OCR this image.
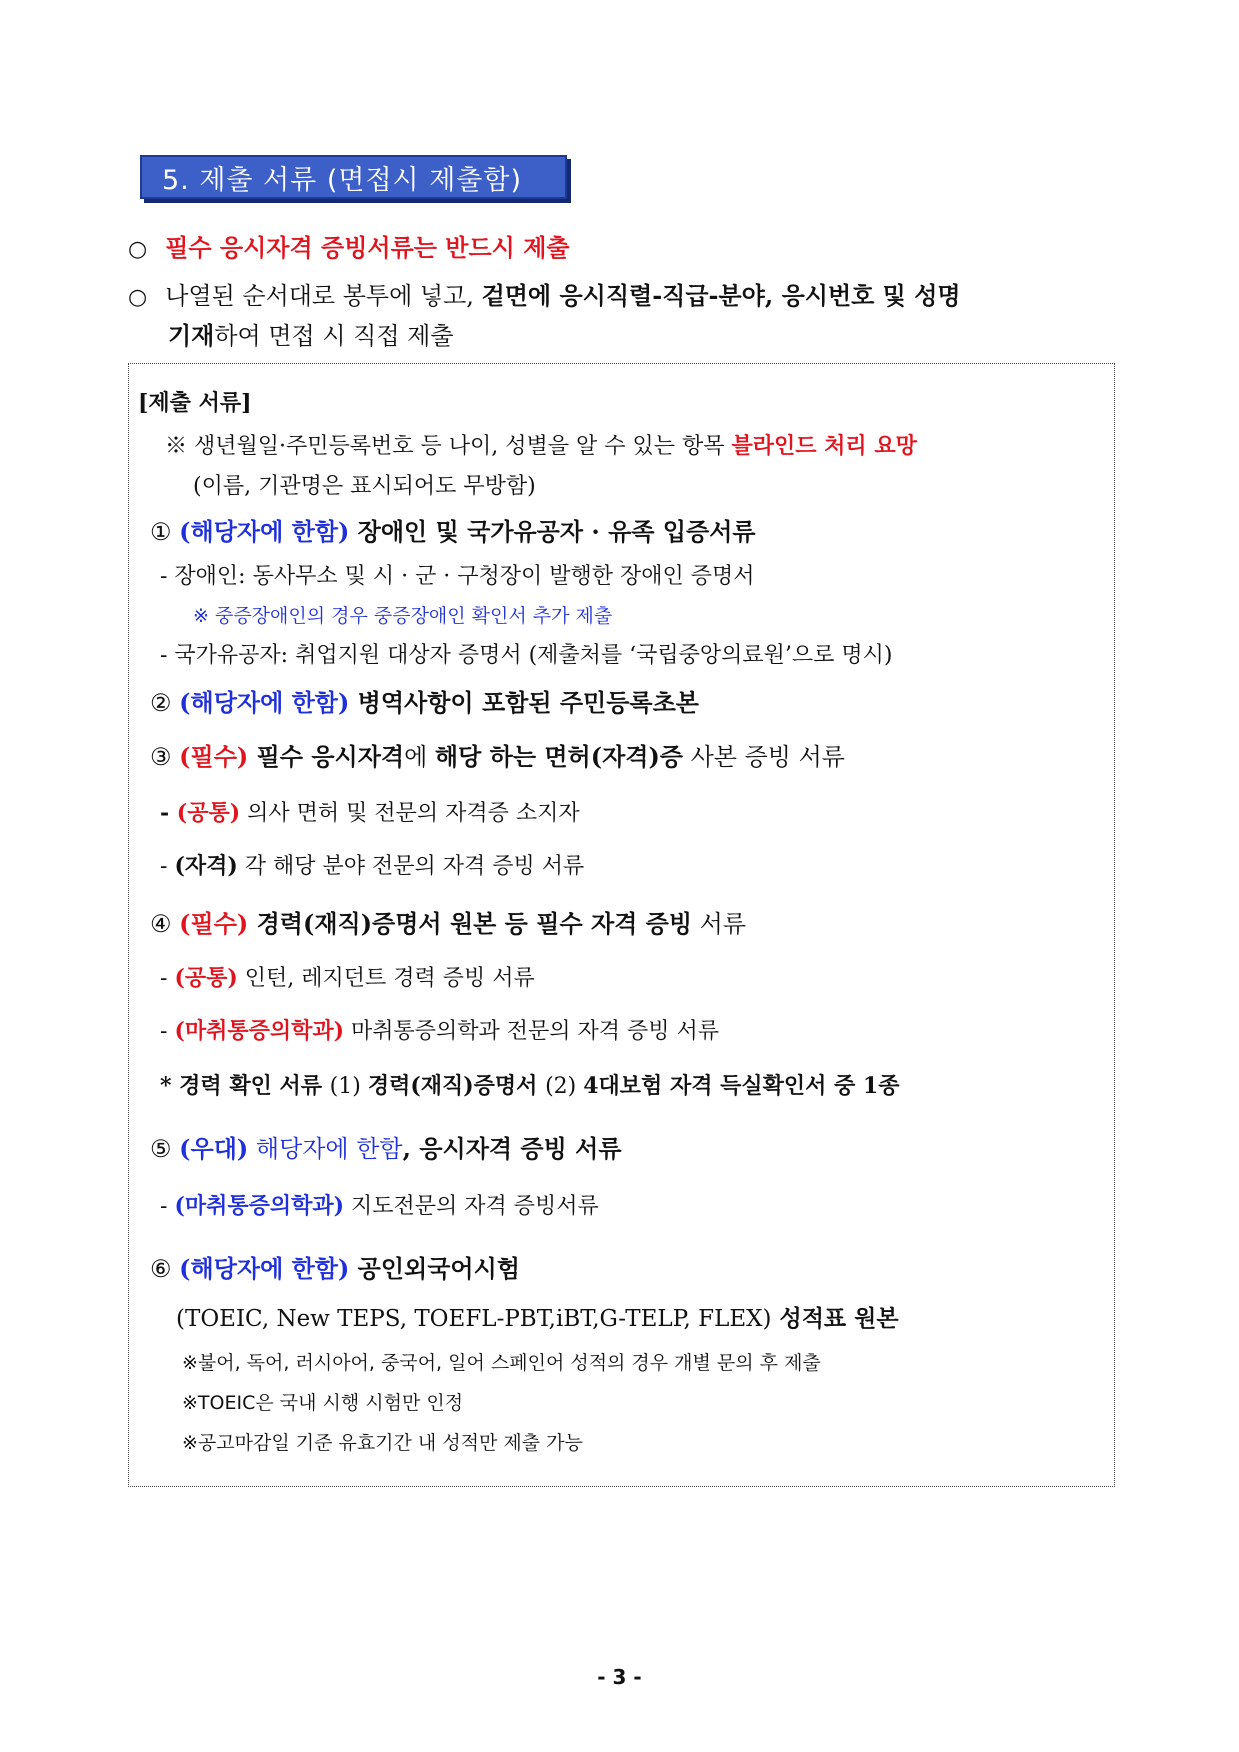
5. 제출 서류 (면접시 제출함)
○ 필수 응시자격 증빙서류는 반드시 제출
○ 나열된 순서대로 봉투에 넣고, 겉면에 응시직렬-직급-분야, 응시번호 및 성명
기재하여 면접 시 직접 제출
[제출 서류]
※ 생년월일·주민등록번호 등 나이, 성별을 알 수 있는 항목 블라인드 처리 요망
(이름, 기관명은 표시되어도 무방함)
① (해당자에 한함) 장애인 및 국가유공자 · 유족 입증서류
- 장애인: 동사무소 및 시 · 군 · 구청장이 발행한 장애인 증명서
※ 중증장애인의 경우 중증장애인 확인서 추가 제출
- 국가유공자: 취업지원 대상자 증명서 (제출처를 ‘국립중앙의료원’으로 명시)
② (해당자에 한함) 병역사항이 포함된 주민등록초본
③ (필수) 필수 응시자격에 해당 하는 면허(자격)증 사본 증빙 서류
- (공통) 의사 면허 및 전문의 자격증 소지자
- (자격) 각 해당 분야 전문의 자격 증빙 서류
④ (필수) 경력(재직)증명서 원본 등 필수 자격 증빙 서류
- (공통) 인턴, 레지던트 경력 증빙 서류
- (마취통증의학과) 마취통증의학과 전문의 자격 증빙 서류
* 경력 확인 서류 (1) 경력(재직)증명서 (2) 4대보험 자격 득실확인서 중 1종
⑤ (우대) 해당자에 한함, 응시자격 증빙 서류
- (마취통증의학과) 지도전문의 자격 증빙서류
⑥ (해당자에 한함) 공인외국어시험
(TOEIC, New TEPS, TOEFL-PBT,iBT,G-TELP, FLEX) 성적표 원본
※불어, 독어, 러시아어, 중국어, 일어 스페인어 성적의 경우 개별 문의 후 제출
※TOEIC은 국내 시행 시험만 인정
※공고마감일 기준 유효기간 내 성적만 제출 가능
- 3 -
